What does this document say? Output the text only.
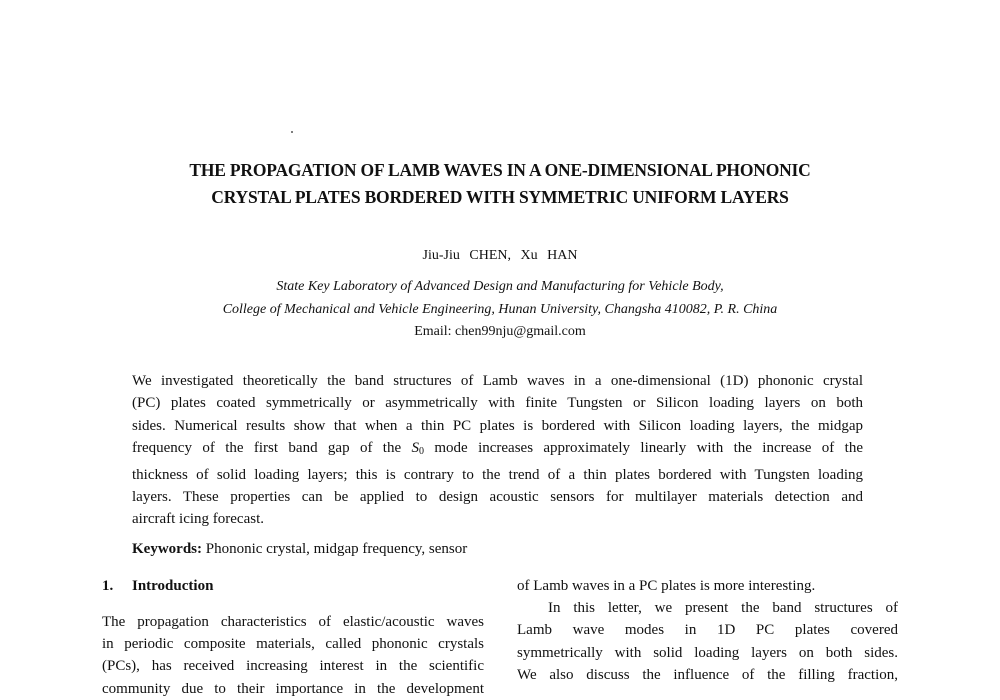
THE PROPAGATION OF LAMB WAVES IN A ONE-DIMENSIONAL PHONONIC
CRYSTAL PLATES BORDERED WITH SYMMETRIC UNIFORM LAYERS
Jiu-Jiu CHEN, Xu HAN
State Key Laboratory of Advanced Design and Manufacturing for Vehicle Body,
College of Mechanical and Vehicle Engineering, Hunan University, Changsha 410082, P. R. China
Email: chen99nju@gmail.com
We investigated theoretically the band structures of Lamb waves in a one-dimensional (1D) phononic crystal
(PC) plates coated symmetrically or asymmetrically with finite Tungsten or Silicon loading layers on both
sides. Numerical results show that when a thin PC plates is bordered with Silicon loading layers, the midgap
frequency of the first band gap of the $S_0$ mode increases approximately linearly with the increase of the
thickness of solid loading layers; this is contrary to the trend of a thin plates bordered with Tungsten loading
layers. These properties can be applied to design acoustic sensors for multilayer materials detection and
aircraft icing forecast.
Keywords: Phononic crystal, midgap frequency, sensor

1. Introduction

The propagation characteristics of elastic/acoustic waves
in periodic composite materials, called phononic crystals
(PCs), has received increasing interest in the scientific
community due to their importance in the development

of Lamb waves in a PC plates is more interesting.
In this letter, we present the band structures of
Lamb wave modes in 1D PC plates covered
symmetrically with solid loading layers on both sides.
We also discuss the influence of the filling fraction,
